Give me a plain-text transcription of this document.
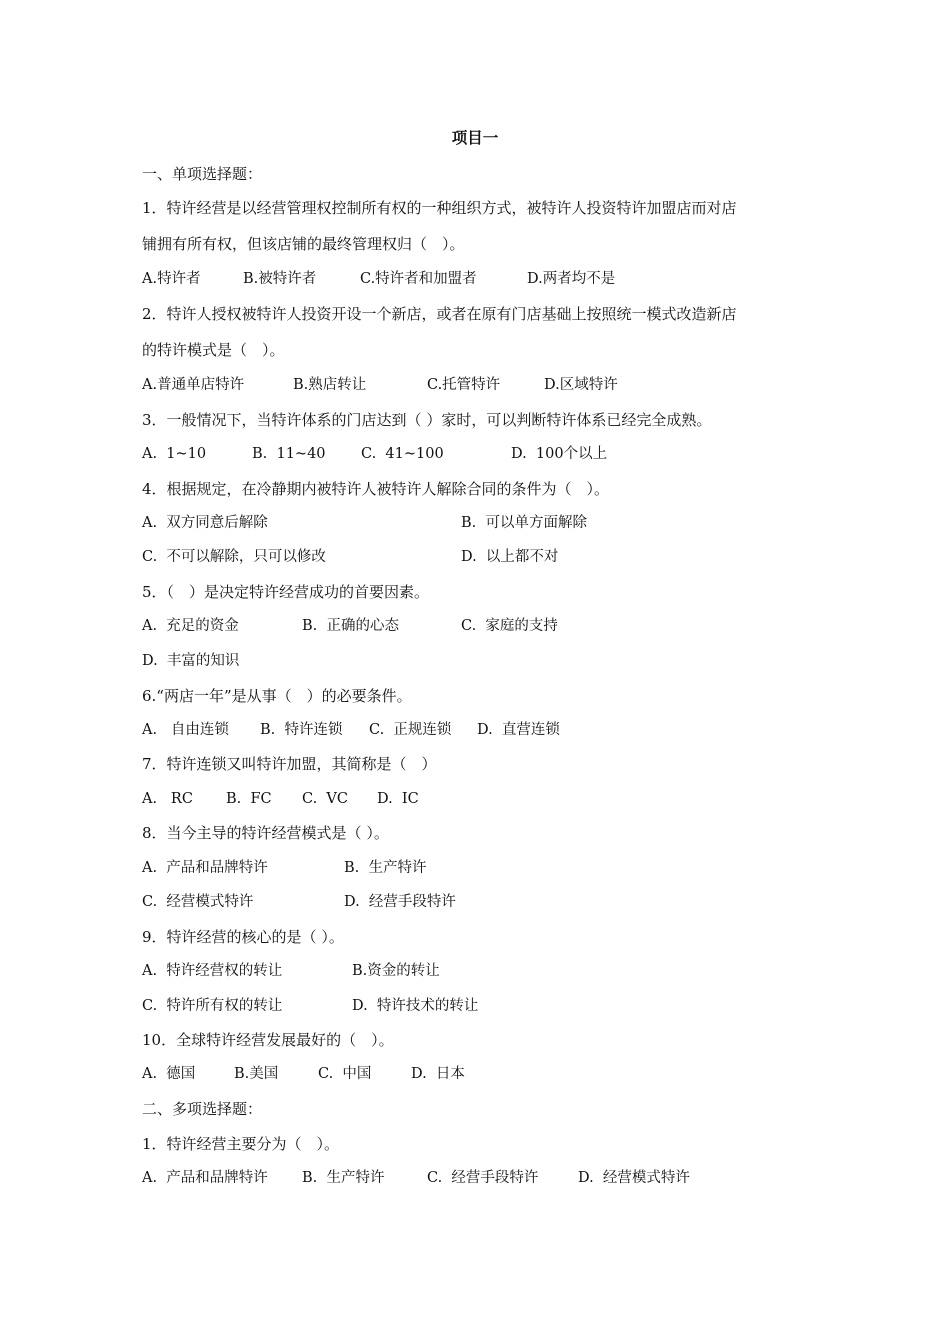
项目一
一、单项选择题：
1．特许经营是以经营管理权控制所有权的一种组织方式，被特许人投资特许加盟店而对店
铺拥有所有权，但该店铺的最终管理权归（　）。
A.特许者	B.被特许者	C.特许者和加盟者	D.两者均不是
2．特许人授权被特许人投资开设一个新店，或者在原有门店基础上按照统一模式改造新店
的特许模式是（　）。
A.普通单店特许	B.熟店转让	C.托管特许	D.区域特许
3．一般情况下，当特许体系的门店达到（ ）家时，可以判断特许体系已经完全成熟。
A.  1~10	B.  11~40 C.  41~100	D.  100个以上
4．根据规定，在冷静期内被特许人被特许人解除合同的条件为（　）。
A.  双方同意后解除	B.  可以单方面解除
C.  不可以解除，只可以修改	D.  以上都不对
5．（　）是决定特许经营成功的首要因素。
A.  充足的资金	B.  正确的心态	C.  家庭的支持
D.  丰富的知识
6.“两店一年”是从事（　）的必要条件。
A.   自由连锁 B.  特许连锁 C.  正规连锁 D.  直营连锁
7．特许连锁又叫特许加盟，其简称是（　）
A.   RC B.  FC C.  VC D.  IC
8．当今主导的特许经营模式是（ ）。
A.  产品和品牌特许	B.  生产特许
C.  经营模式特许	D.  经营手段特许
9．特许经营的核心的是（ ）。
A.  特许经营权的转让	B.资金的转让
C.  特许所有权的转让	D.  特许技术的转让
10．全球特许经营发展最好的（　）。
A.  德国	B.美国	C.  中国	D.  日本
二、多项选择题：
1．特许经营主要分为（　）。
A.  产品和品牌特许 B.  生产特许	C.  经营手段特许	D.  经营模式特许
